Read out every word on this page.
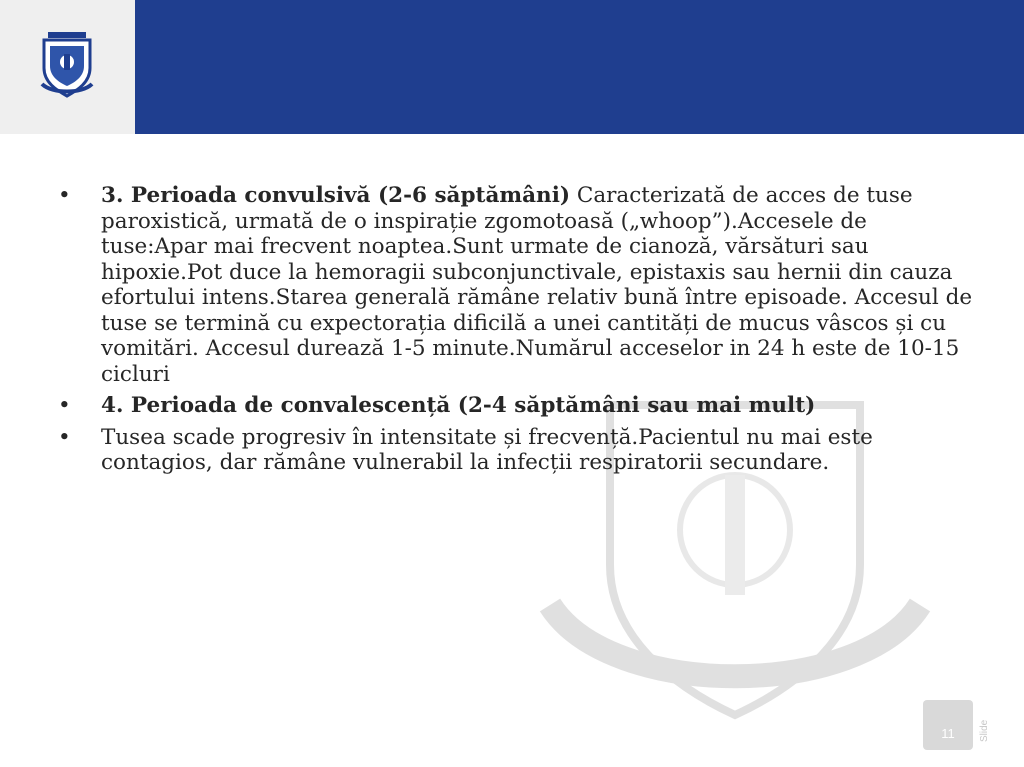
• 3. Perioada convulsivă (2-6 săptămâni) Caracterizată de acces de tuse paroxistică, urmată de o inspirație zgomotoasă („whoop”).Accesele de tuse:Apar mai frecvent noaptea.Sunt urmate de cianoză, vărsături sau hipoxie.Pot duce la hemoragii subconjunctivale, epistaxis sau hernii din cauza efortului intens.Starea generală rămâne relativ bună între episoade. Accesul de tuse se termină cu expectorația dificilă a unei cantități de mucus vâscos și cu vomitări. Accesul durează 1-5 minute.Numărul acceselor in 24 h este de 10-15 cicluri
• 4. Perioada de convalescență (2-4 săptămâni sau mai mult)
• Tusea scade progresiv în intensitate și frecvență.Pacientul nu mai este contagios, dar rămâne vulnerabil la infecții respiratorii secundare.
11	Slide
